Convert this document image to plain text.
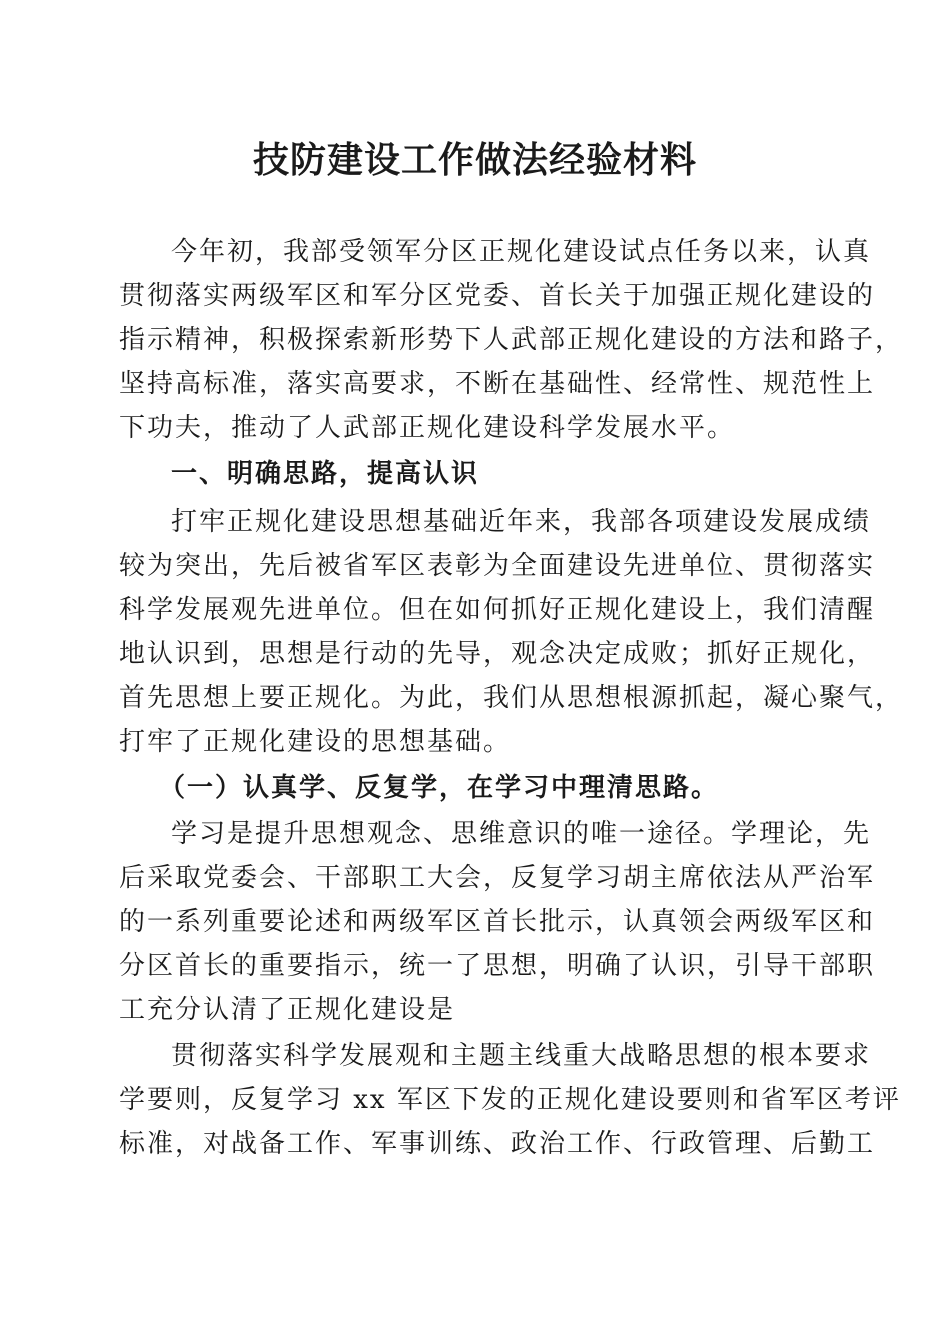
技防建设工作做法经验材料

今年初，我部受领军分区正规化建设试点任务以来，认真

贯彻落实两级军区和军分区党委、首长关于加强正规化建设的

指示精神，积极探索新形势下人武部正规化建设的方法和路子，

坚持高标准，落实高要求，不断在基础性、经常性、规范性上

下功夫，推动了人武部正规化建设科学发展水平。

一、明确思路，提高认识

打牢正规化建设思想基础近年来，我部各项建设发展成绩

较为突出，先后被省军区表彰为全面建设先进单位、贯彻落实

科学发展观先进单位。但在如何抓好正规化建设上，我们清醒

地认识到，思想是行动的先导，观念决定成败；抓好正规化，

首先思想上要正规化。为此，我们从思想根源抓起，凝心聚气，

打牢了正规化建设的思想基础。

（一）认真学、反复学，在学习中理清思路。

学习是提升思想观念、思维意识的唯一途径。学理论，先

后采取党委会、干部职工大会，反复学习胡主席依法从严治军

的一系列重要论述和两级军区首长批示，认真领会两级军区和

分区首长的重要指示，统一了思想，明确了认识，引导干部职

工充分认清了正规化建设是

贯彻落实科学发展观和主题主线重大战略思想的根本要求

学要则，反复学习 xx 军区下发的正规化建设要则和省军区考评

标准，对战备工作、军事训练、政治工作、行政管理、后勤工
